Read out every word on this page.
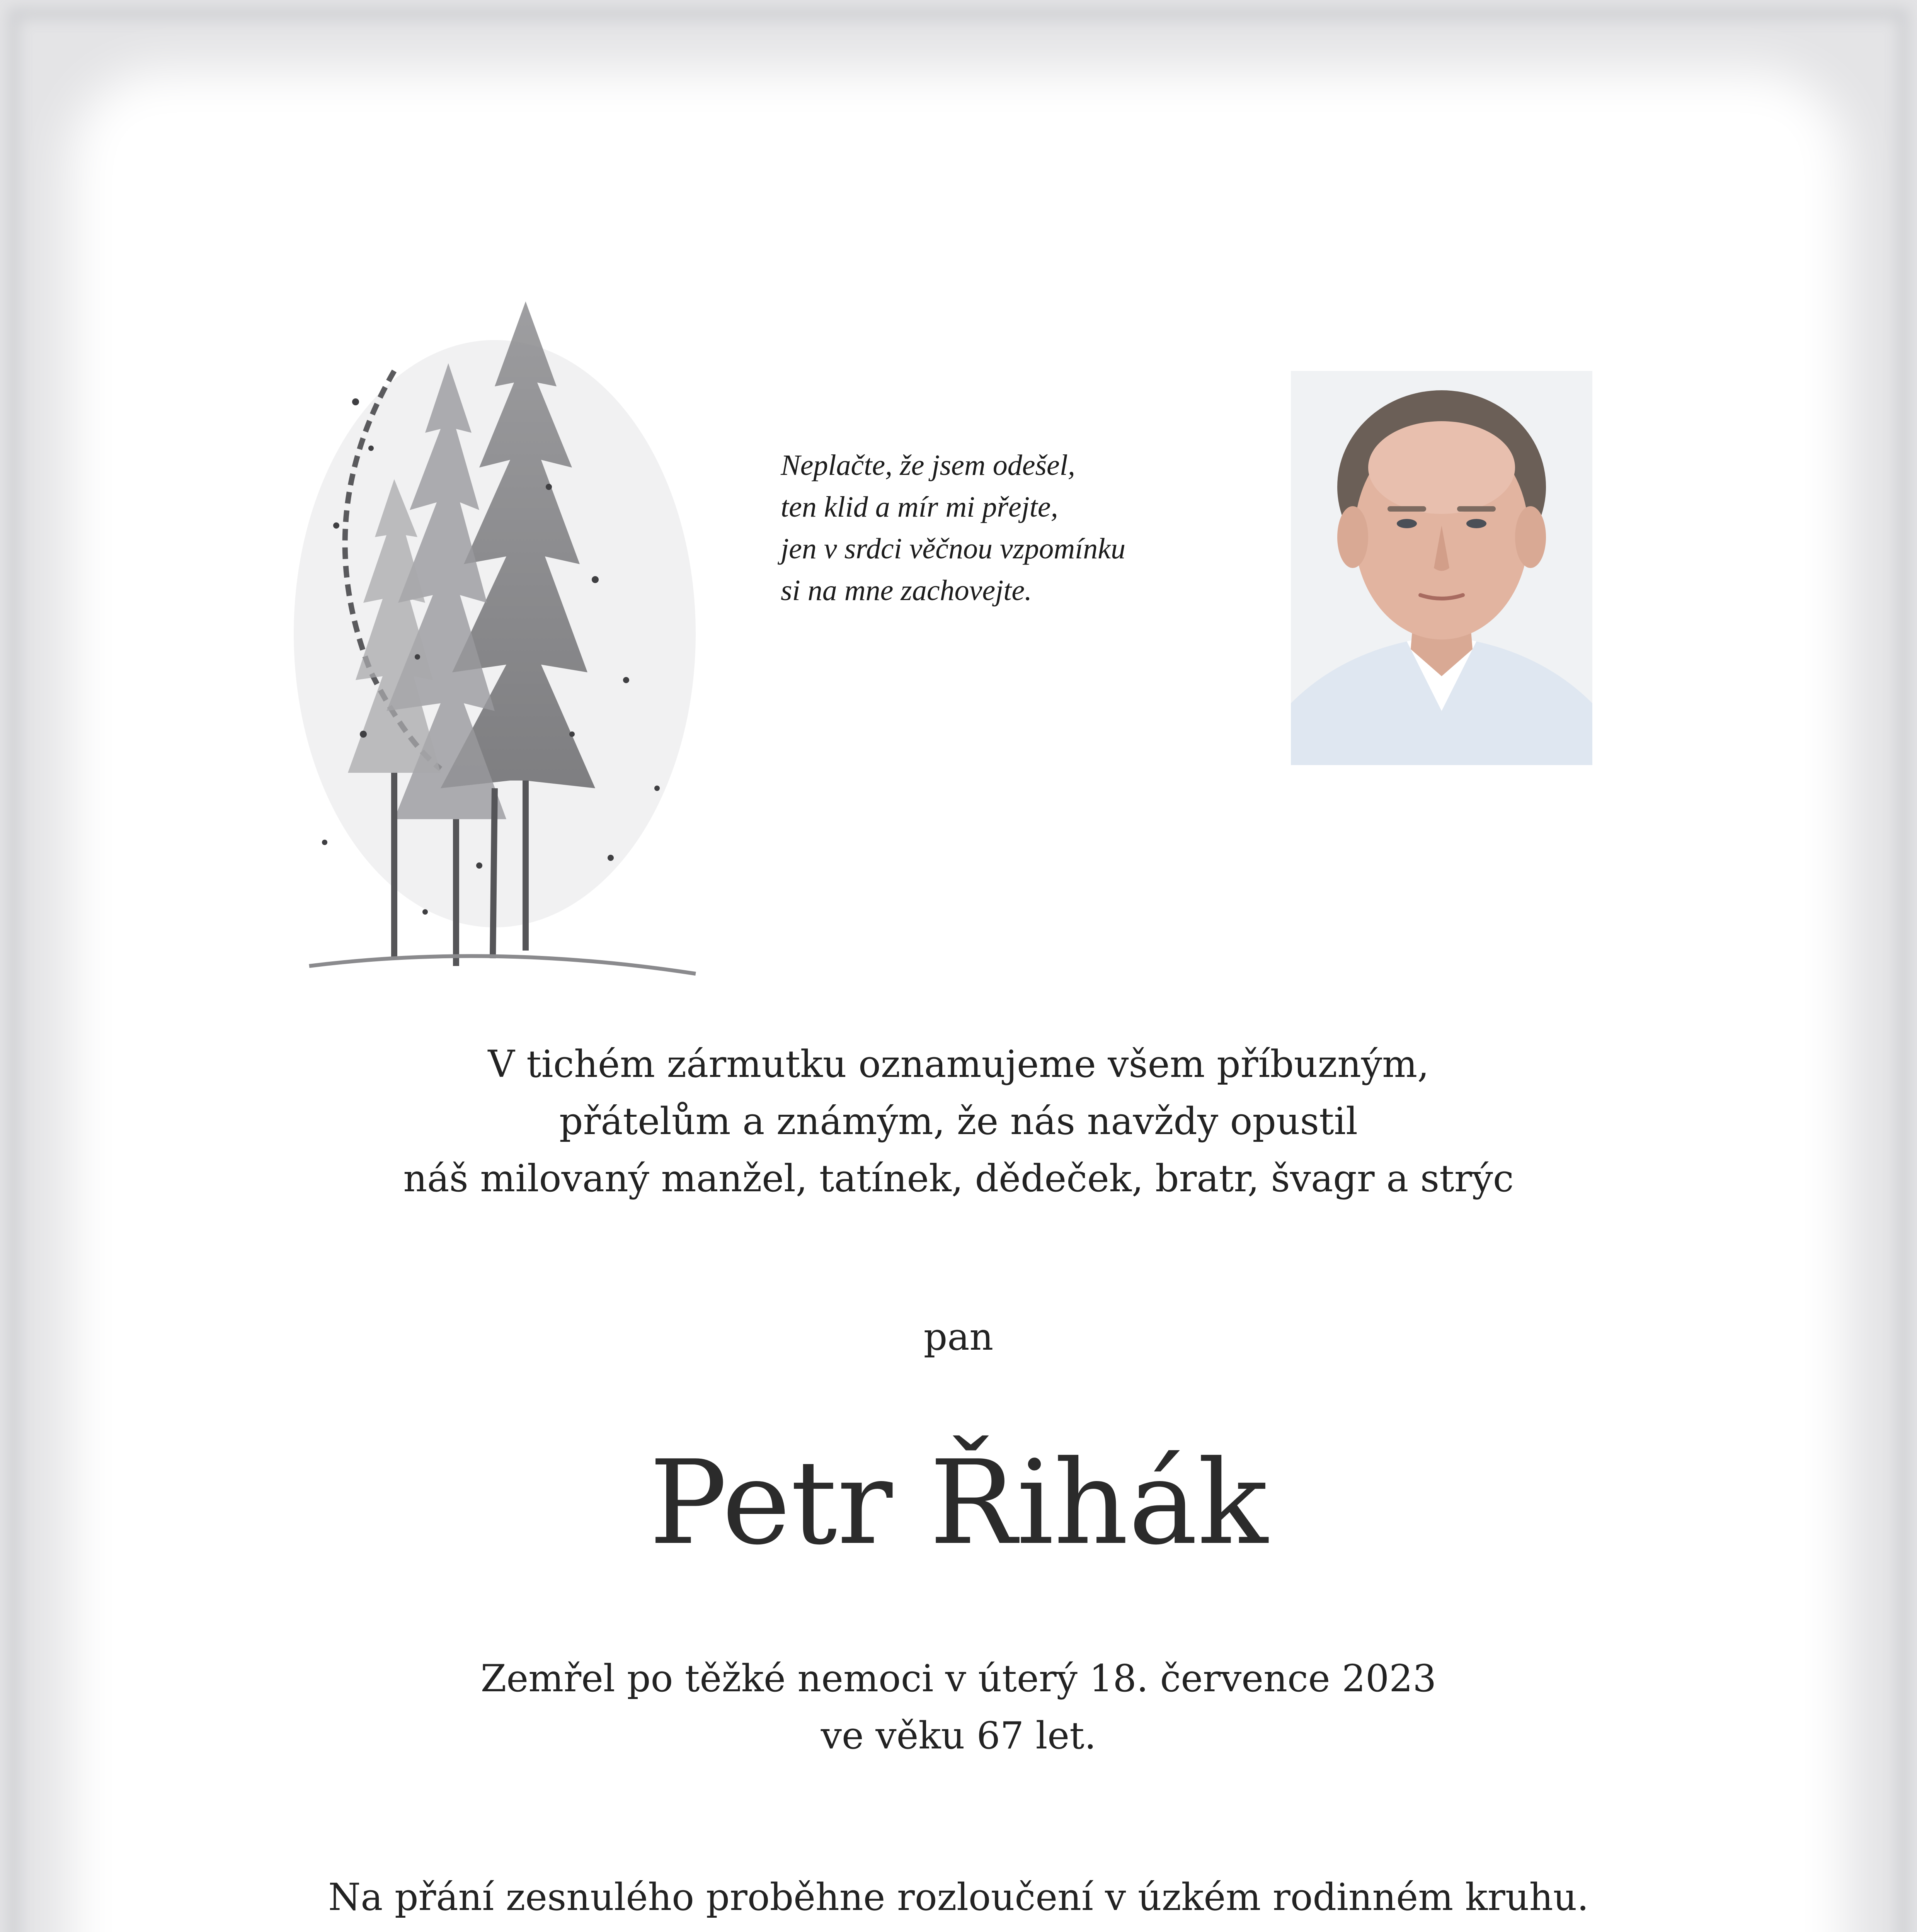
Neplačte, že jsem odešel,
ten klid a mír mi přejte,
jen v srdci věčnou vzpomínku
si na mne zachovejte.
V tichém zármutku oznamujeme všem příbuzným,
přátelům a známým, že nás navždy opustil
náš milovaný manžel, tatínek, dědeček, bratr, švagr a strýc
pan
Petr Řihák
Zemřel po těžké nemoci v úterý 18. července 2023
ve věku 67 let.
Na přání zesnulého proběhne rozloučení v úzkém rodinném kruhu.
